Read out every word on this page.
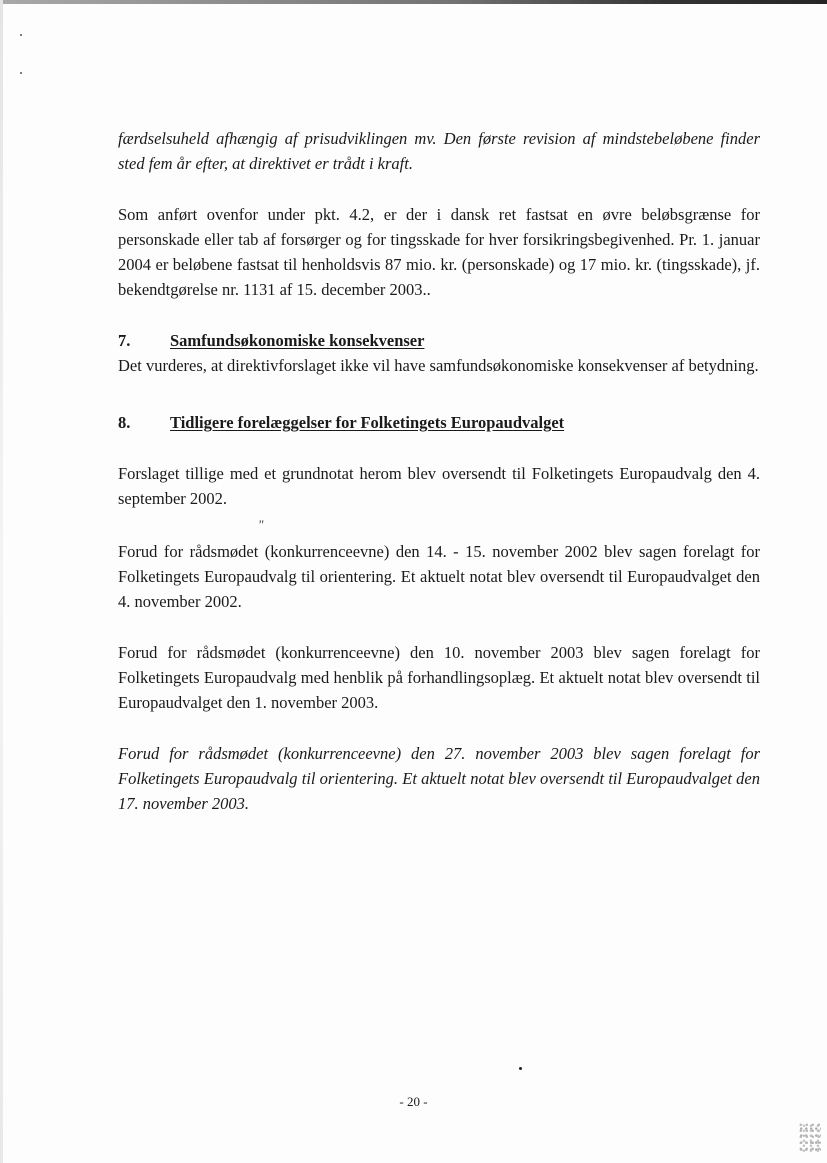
færdselsuheld afhængig af prisudviklingen mv. Den første revision af mindstebeløbene finder sted fem år efter, at direktivet er trådt i kraft.

Som anført ovenfor under pkt. 4.2, er der i dansk ret fastsat en øvre beløbsgrænse for personskade eller tab af forsørger og for tingsskade for hver forsikringsbegivenhed. Pr. 1. januar 2004 er beløbene fastsat til henholdsvis 87 mio. kr. (personskade) og 17 mio. kr. (tingsskade), jf. bekendtgørelse nr. 1131 af 15. december 2003..

7.	Samfundsøkonomiske konsekvenser

Det vurderes, at direktivforslaget ikke vil have samfundsøkonomiske konsekvenser af betydning.

8.	Tidligere forelæggelser for Folketingets Europaudvalget

Forslaget tillige med et grundnotat herom blev oversendt til Folketingets Europaudvalg den 4. september 2002.

"

Forud for rådsmødet (konkurrenceevne) den 14. - 15. november 2002 blev sagen forelagt for Folketingets Europaudvalg til orientering. Et aktuelt notat blev oversendt til Europaudvalget den 4. november 2002.

Forud for rådsmødet (konkurrenceevne) den 10. november 2003 blev sagen forelagt for Folketingets Europaudvalg med henblik på forhandlingsoplæg. Et aktuelt notat blev oversendt til Europaudvalget den 1. november 2003.

Forud for rådsmødet (konkurrenceevne) den 27. november 2003 blev sagen forelagt for Folketingets Europaudvalg til orientering. Et aktuelt notat blev oversendt til Europaudvalget den 17. november 2003.

- 20 -
